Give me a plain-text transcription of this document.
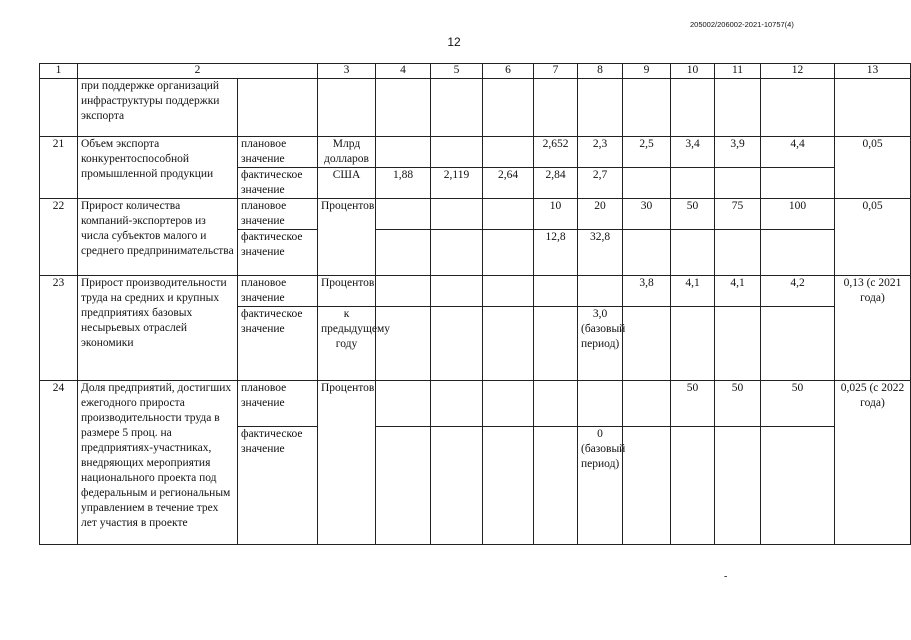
205002/206002-2021-10757(4)
12
1	2		3	4	5	6	7	8	9	10	11	12	13
	при поддержке организаций инфраструктуры поддержки экспорта												
21	Объем экспорта конкурентоспособной промышленной продукции	плановое значение	Млрд долларов				2,652	2,3	2,5	3,4	3,9	4,4	0,05
		фактическое значение	США	1,88	2,119	2,64	2,84	2,7					
22	Прирост количества компаний-экспортеров из числа субъектов малого и среднего предпринимательства	плановое значение	Процентов				10	20	30	50	75	100	0,05
		фактическое значение					12,8	32,8					
23	Прирост производительности труда на средних и крупных предприятиях базовых несырьевых отраслей экономики	плановое значение	Процентов						3,8	4,1	4,1	4,2	0,13 (с 2021 года)
		фактическое значение	к предыдущему году					3,0 (базовый период)					
24	Доля предприятий, достигших ежегодного прироста производительности труда в размере 5 проц. на предприятиях-участниках, внедряющих мероприятия национального проекта под федеральным и региональным управлением в течение трех лет участия в проекте	плановое значение	Процентов							50	50	50	0,025 (с 2022 года)
		фактическое значение						0 (базовый период)					
-
